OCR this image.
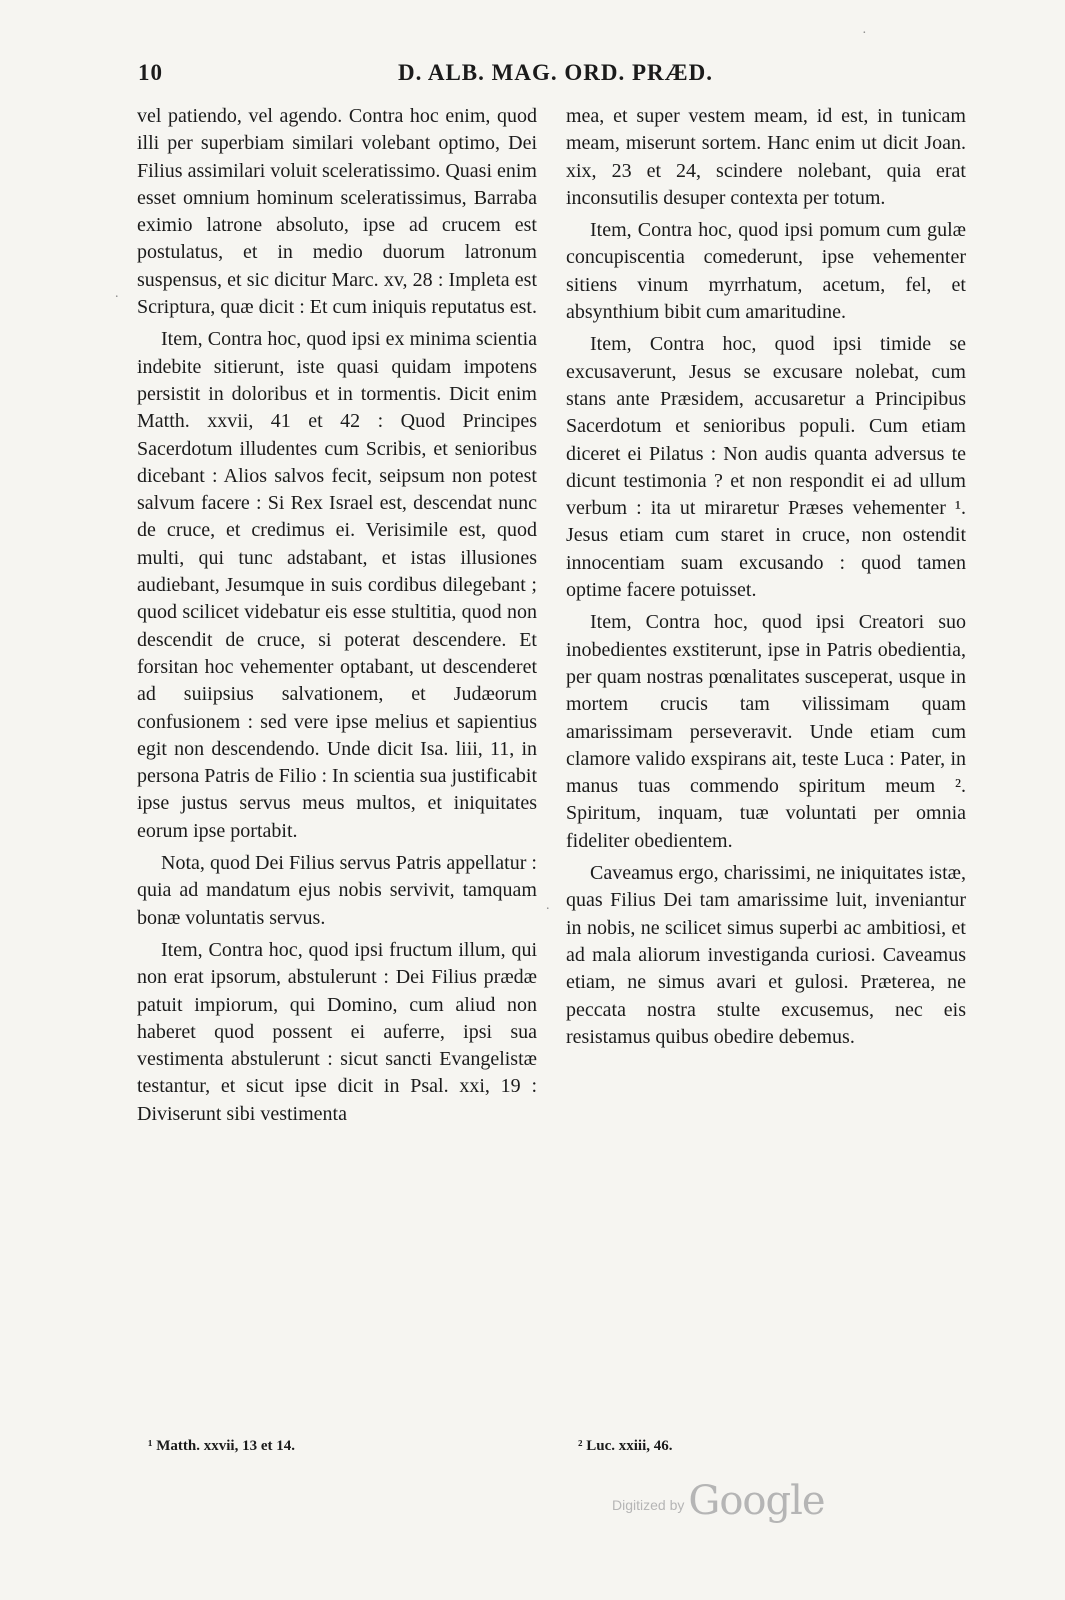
10	D. ALB. MAG. ORD. PRÆD.

vel patiendo, vel agendo. Contra hoc enim, quod illi per superbiam similari volebant optimo, Dei Filius assimilari voluit sceleratissimo. Quasi enim esset omnium hominum sceleratissimus, Barraba eximio latrone absoluto, ipse ad crucem est postulatus, et in medio duorum latronum suspensus, et sic dicitur Marc. xv, 28 : Impleta est Scriptura, quæ dicit : Et cum iniquis reputatus est.

Item, Contra hoc, quod ipsi ex minima scientia indebite sitierunt, iste quasi quidam impotens persistit in doloribus et in tormentis. Dicit enim Matth. xxvii, 41 et 42 : Quod Principes Sacerdotum illudentes cum Scribis, et senioribus dicebant : Alios salvos fecit, seipsum non potest salvum facere : Si Rex Israel est, descendat nunc de cruce, et credimus ei. Verisimile est, quod multi, qui tunc adstabant, et istas illusiones audiebant, Jesumque in suis cordibus dilegebant ; quod scilicet videbatur eis esse stultitia, quod non descendit de cruce, si poterat descendere. Et forsitan hoc vehementer optabant, ut descenderet ad suiipsius salvationem, et Judæorum confusionem : sed vere ipse melius et sapientius egit non descendendo. Unde dicit Isa. liii, 11, in persona Patris de Filio : In scientia sua justificabit ipse justus servus meus multos, et iniquitates eorum ipse portabit.

Nota, quod Dei Filius servus Patris appellatur : quia ad mandatum ejus nobis servivit, tamquam bonæ voluntatis servus.

Item, Contra hoc, quod ipsi fructum illum, qui non erat ipsorum, abstulerunt : Dei Filius prædæ patuit impiorum, qui Domino, cum aliud non haberet quod possent ei auferre, ipsi sua vestimenta abstulerunt : sicut sancti Evangelistæ testantur, et sicut ipse dicit in Psal. xxi, 19 : Diviserunt sibi vestimenta

mea, et super vestem meam, id est, in tunicam meam, miserunt sortem. Hanc enim ut dicit Joan. xix, 23 et 24, scindere nolebant, quia erat inconsutilis desuper contexta per totum.

Item, Contra hoc, quod ipsi pomum cum gulæ concupiscentia comederunt, ipse vehementer sitiens vinum myrrhatum, acetum, fel, et absynthium bibit cum amaritudine.

Item, Contra hoc, quod ipsi timide se excusaverunt, Jesus se excusare nolebat, cum stans ante Præsidem, accusaretur a Principibus Sacerdotum et senioribus populi. Cum etiam diceret ei Pilatus : Non audis quanta adversus te dicunt testimonia ? et non respondit ei ad ullum verbum : ita ut miraretur Præses vehementer ¹. Jesus etiam cum staret in cruce, non ostendit innocentiam suam excusando : quod tamen optime facere potuisset.

Item, Contra hoc, quod ipsi Creatori suo inobedientes exstiterunt, ipse in Patris obedientia, per quam nostras pœnalitates susceperat, usque in mortem crucis tam vilissimam quam amarissimam perseveravit. Unde etiam cum clamore valido exspirans ait, teste Luca : Pater, in manus tuas commendo spiritum meum ². Spiritum, inquam, tuæ voluntati per omnia fideliter obedientem.

Caveamus ergo, charissimi, ne iniquitates istæ, quas Filius Dei tam amarissime luit, inveniantur in nobis, ne scilicet simus superbi ac ambitiosi, et ad mala aliorum investiganda curiosi. Caveamus etiam, ne simus avari et gulosi. Præterea, ne peccata nostra stulte excusemus, nec eis resistamus quibus obedire debemus.

¹ Matth. xxvii, 13 et 14.	² Luc. xxiii, 46.
Digitized by Google
·
.
.
